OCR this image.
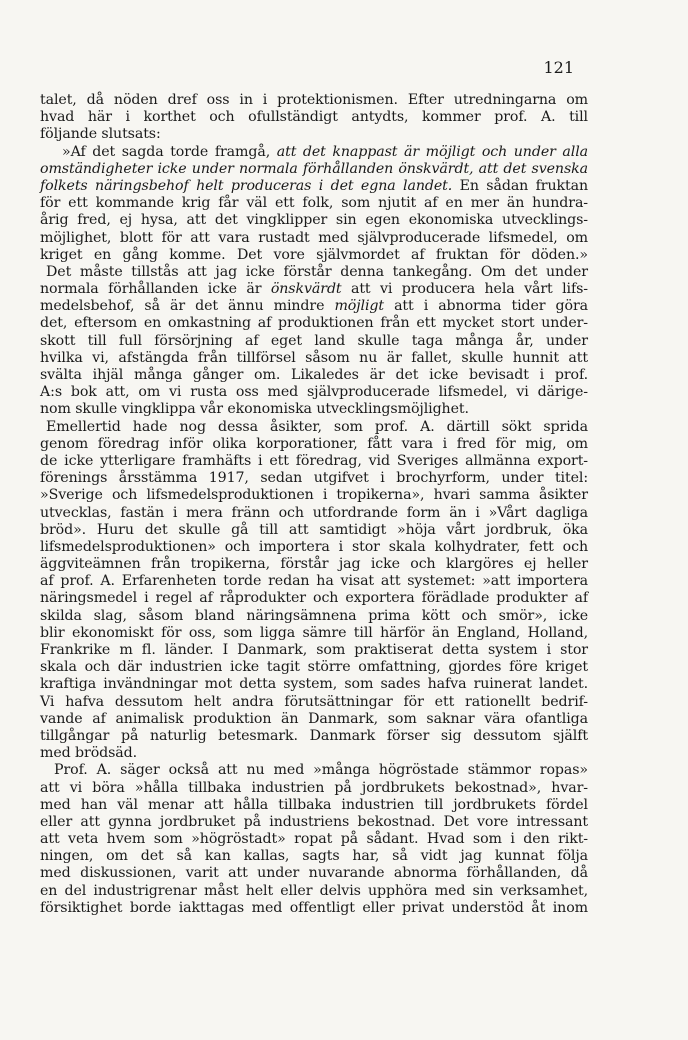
121
talet, då nöden dref oss in i protektionismen. Efter utredningarna om
hvad här i korthet och ofullständigt antydts, kommer prof. A. till
följande slutsats:
»Af det sagda torde framgå, att det knappast är möjligt och under alla
omständigheter icke under normala förhållanden önskvärdt, att det svenska
folkets näringsbehof helt produceras i det egna landet. En sådan fruktan
för ett kommande krig får väl ett folk, som njutit af en mer än hundra-
årig fred, ej hysa, att det vingklipper sin egen ekonomiska utvecklings-
möjlighet, blott för att vara rustadt med självproducerade lifsmedel, om
kriget en gång komme. Det vore självmordet af fruktan för döden.»
Det måste tillstås att jag icke förstår denna tankegång. Om det under
normala förhållanden icke är önskvärdt att vi producera hela vårt lifs-
medelsbehof, så är det ännu mindre möjligt att i abnorma tider göra
det, eftersom en omkastning af produktionen från ett mycket stort under-
skott till full försörjning af eget land skulle taga många år, under
hvilka vi, afstängda från tillförsel såsom nu är fallet, skulle hunnit att
svälta ihjäl många gånger om. Likaledes är det icke bevisadt i prof.
A:s bok att, om vi rusta oss med självproducerade lifsmedel, vi därige-
nom skulle vingklippa vår ekonomiska utvecklingsmöjlighet.
Emellertid hade nog dessa åsikter, som prof. A. därtill sökt sprida
genom föredrag inför olika korporationer, fått vara i fred för mig, om
de icke ytterligare framhäfts i ett föredrag, vid Sveriges allmänna export-
förenings årsstämma 1917, sedan utgifvet i brochyrform, under titel:
»Sverige och lifsmedelsproduktionen i tropikerna», hvari samma åsikter
utvecklas, fastän i mera fränn och utfordrande form än i »Vårt dagliga
bröd». Huru det skulle gå till att samtidigt »höja vårt jordbruk, öka
lifsmedelsproduktionen» och importera i stor skala kolhydrater, fett och
äggviteämnen från tropikerna, förstår jag icke och klargöres ej heller
af prof. A. Erfarenheten torde redan ha visat att systemet: »att importera
näringsmedel i regel af råprodukter och exportera förädlade produkter af
skilda slag, såsom bland näringsämnena prima kött och smör», icke
blir ekonomiskt för oss, som ligga sämre till härför än England, Holland,
Frankrike m fl. länder. I Danmark, som praktiserat detta system i stor
skala och där industrien icke tagit större omfattning, gjordes före kriget
kraftiga invändningar mot detta system, som sades hafva ruinerat landet.
Vi hafva dessutom helt andra förutsättningar för ett rationellt bedrif-
vande af animalisk produktion än Danmark, som saknar vära ofantliga
tillgångar på naturlig betesmark. Danmark förser sig dessutom själft
med brödsäd.
Prof. A. säger också att nu med »många högröstade stämmor ropas»
att vi böra »hålla tillbaka industrien på jordbrukets bekostnad», hvar-
med han väl menar att hålla tillbaka industrien till jordbrukets fördel
eller att gynna jordbruket på industriens bekostnad. Det vore intressant
att veta hvem som »högröstadt» ropat på sådant. Hvad som i den rikt-
ningen, om det så kan kallas, sagts har, så vidt jag kunnat följa
med diskussionen, varit att under nuvarande abnorma förhållanden, då
en del industrigrenar måst helt eller delvis upphöra med sin verksamhet,
försiktighet borde iakttagas med offentligt eller privat understöd åt inom
